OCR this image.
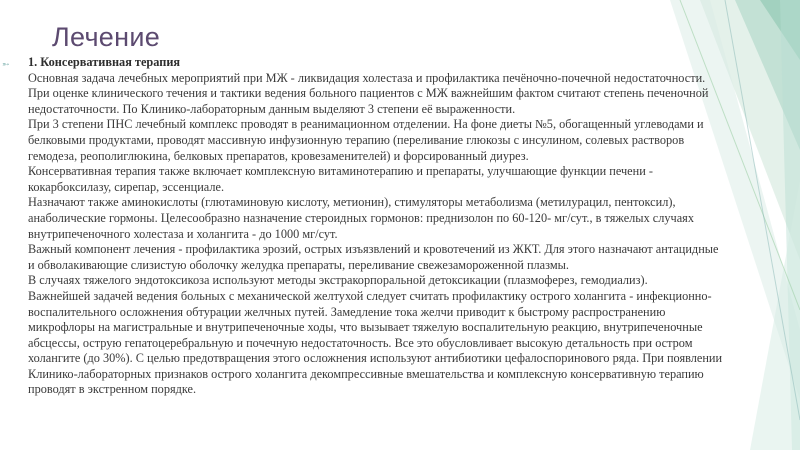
Лечение
➵ 1. Консервативная терапия

Основная задача лечебных мероприятий при МЖ - ликвидация холестаза и профилактика печёночно-почечной недостаточности.

При оценке клинического течения и тактики ведения больного пациентов с МЖ важнейшим фактом считают степень печеночной недостаточности. По Клинико-лабораторным данным выделяют 3 степени её выраженности.

При 3 степени ПНС лечебный комплекс проводят в реанимационном отделении. На фоне диеты №5, обогащенный углеводами и белковыми продуктами, проводят массивную инфузионную терапию (переливание глюкозы с инсулином, солевых растворов гемодеза, реополиглюкина, белковых препаратов, кровезаменителей) и форсированный диурез.

Консервативная терапия также включает комплексную витаминотерапию и препараты, улучшающие функции печени - кокарбоксилазу, сирепар, эссенциале.

Назначают также аминокислоты (глютаминовую кислоту, метионин), стимуляторы метаболизма (метилурацил, пентоксил), анаболические гормоны. Целесообразно назначение стероидных гормонов: преднизолон по 60-120- мг/сут., в тяжелых случаях внутрипеченочного холестаза и холангита - до 1000 мг/сут.

Важный компонент лечения - профилактика эрозий, острых изъязвлений и кровотечений из ЖКТ. Для этого назначают антацидные и обволакивающие слизистую оболочку желудка препараты, переливание свежезамороженной плазмы.

В случаях тяжелого эндотоксикоза используют методы экстракорпоральной детоксикации (плазмоферез, гемодиализ).

Важнейшей задачей ведения больных с механической желтухой следует считать профилактику острого холангита - инфекционно-воспалительного осложнения обтурации желчных путей. Замедление тока желчи приводит к быстрому распространению микрофлоры на магистральные и внутрипеченочные ходы, что вызывает тяжелую воспалительную реакцию, внутрипеченочные абсцессы, острую гепатоцеребральную и почечную недостаточность. Все это обусловливает высокую детальность при остром холангите (до 30%). С целью предотвращения этого осложнения используют антибиотики цефалоспоринового ряда. При появлении Клинико-лабораторных признаков острого холангита декомпрессивные вмешательства и комплексную консервативную терапию проводят в экстренном порядке.
